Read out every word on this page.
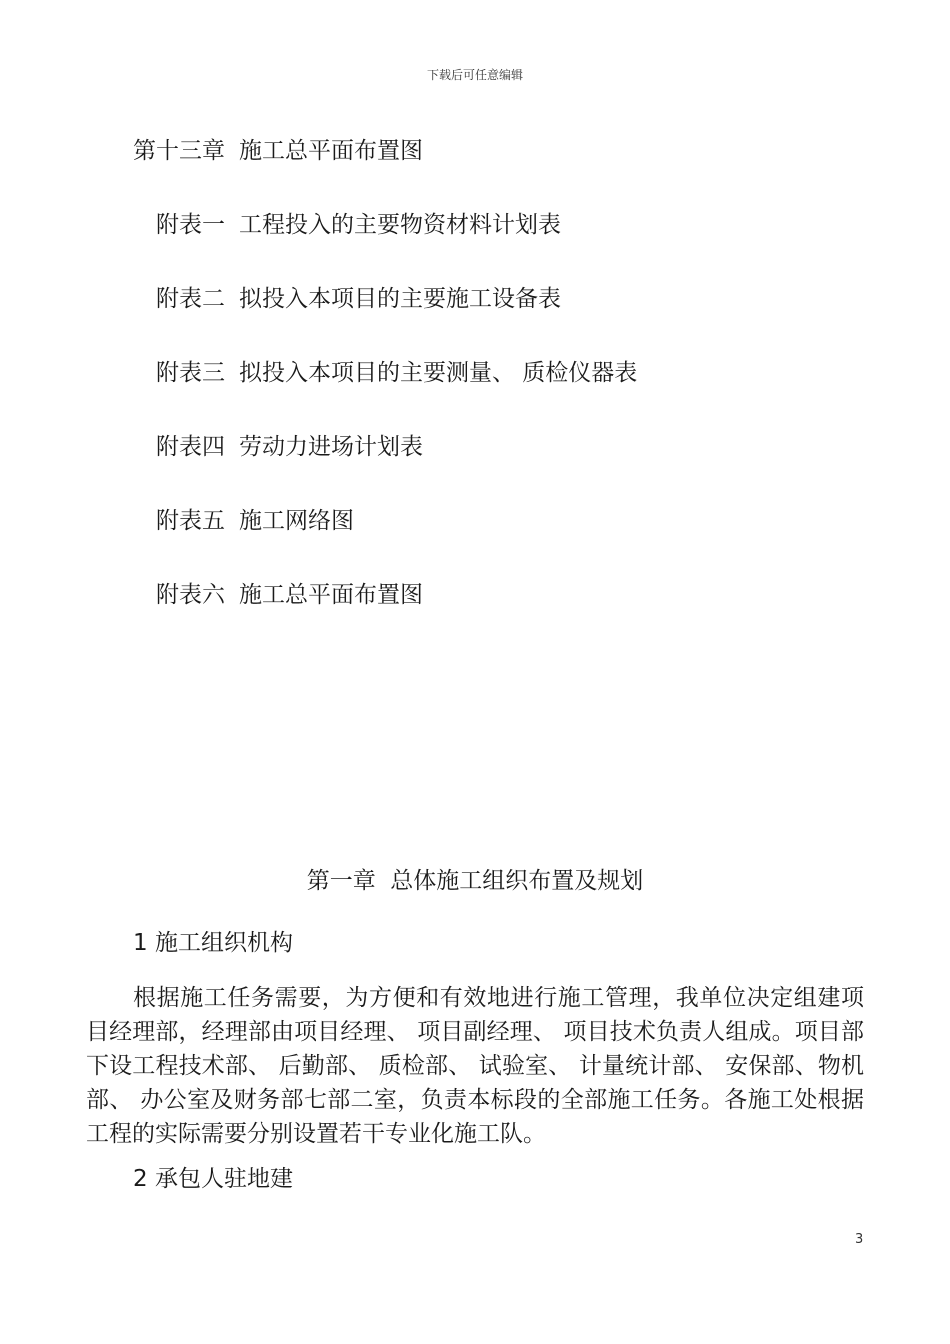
下载后可任意编辑
第十三章 施工总平面布置图
附表一 工程投入的主要物资材料计划表
附表二 拟投入本项目的主要施工设备表
附表三 拟投入本项目的主要测量、 质检仪器表
附表四 劳动力进场计划表
附表五 施工网络图
附表六 施工总平面布置图
第一章  总体施工组织布置及规划
1 施工组织机构

根据施工任务需要，为方便和有效地进行施工管理，我单位决定组建项目经理部，经理部由项目经理、 项目副经理、 项目技术负责人组成。项目部下设工程技术部、 后勤部、 质检部、 试验室、 计量统计部、 安保部、物机部、 办公室及财务部七部二室，负责本标段的全部施工任务。各施工处根据工程的实际需要分别设置若干专业化施工队。

2 承包人驻地建
3
